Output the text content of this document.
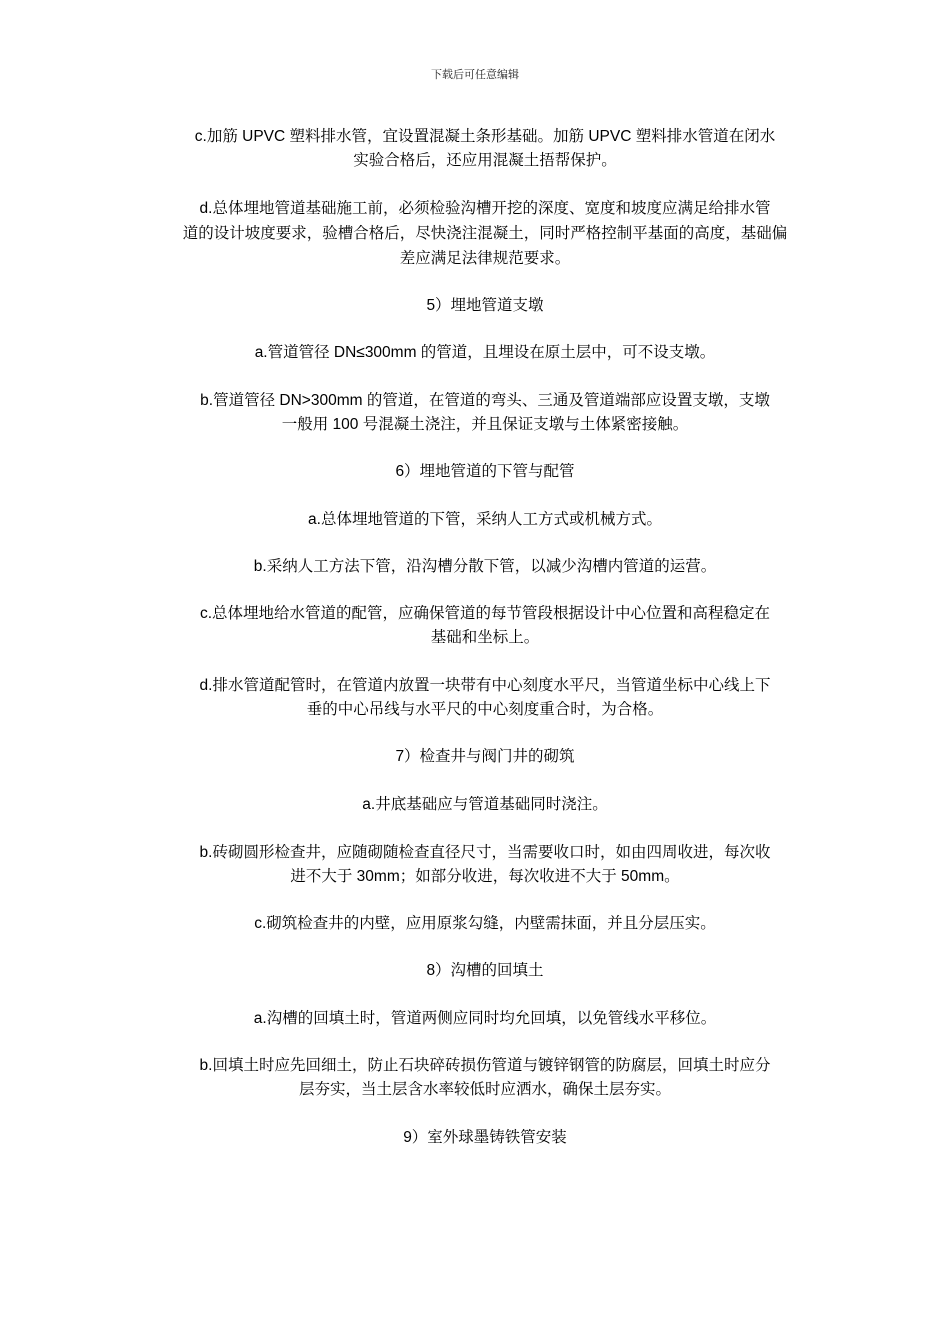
下载后可任意编辑
c.加筋 UPVC 塑料排水管，宜设置混凝土条形基础。加筋 UPVC 塑料排水管道在闭水
实验合格后，还应用混凝土捂帮保护。
d.总体埋地管道基础施工前，必须检验沟槽开挖的深度、宽度和坡度应满足给排水管
道的设计坡度要求，验槽合格后，尽快浇注混凝土，同时严格控制平基面的高度，基础偏
差应满足法律规范要求。
5）埋地管道支墩
a.管道管径 DN≤300mm 的管道，且埋设在原土层中，可不设支墩。
b.管道管径 DN>300mm 的管道，在管道的弯头、三通及管道端部应设置支墩，支墩
一般用 100 号混凝土浇注，并且保证支墩与土体紧密接触。
6）埋地管道的下管与配管
a.总体埋地管道的下管，采纳人工方式或机械方式。
b.采纳人工方法下管，沿沟槽分散下管，以减少沟槽内管道的运营。
c.总体埋地给水管道的配管，应确保管道的每节管段根据设计中心位置和高程稳定在
基础和坐标上。
d.排水管道配管时，在管道内放置一块带有中心刻度水平尺，当管道坐标中心线上下
垂的中心吊线与水平尺的中心刻度重合时，为合格。
7）检查井与阀门井的砌筑
a.井底基础应与管道基础同时浇注。
b.砖砌圆形检查井，应随砌随检查直径尺寸，当需要收口时，如由四周收进，每次收
进不大于 30mm；如部分收进，每次收进不大于 50mm。
c.砌筑检查井的内壁，应用原浆勾缝，内壁需抹面，并且分层压实。
8）沟槽的回填土
a.沟槽的回填土时，管道两侧应同时均允回填，以免管线水平移位。
b.回填土时应先回细土，防止石块碎砖损伤管道与镀锌钢管的防腐层，回填土时应分
层夯实，当土层含水率较低时应洒水，确保土层夯实。
9）室外球墨铸铁管安装
